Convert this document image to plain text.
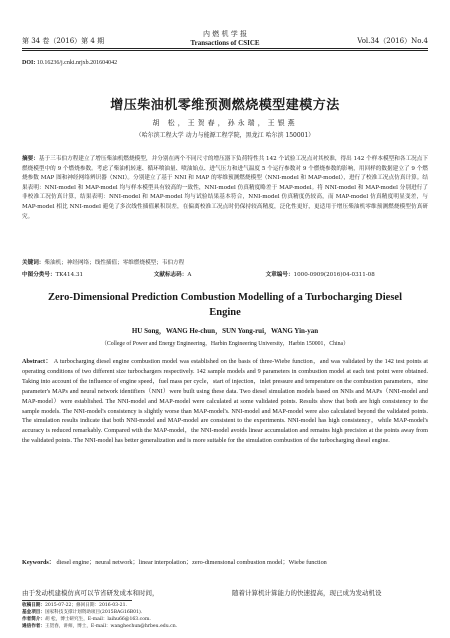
第 34 卷（2016）第 4 期
内 燃 机 学 报
Transactions of CSICE	Vol.34（2016）No.4
DOI: 10.16236/j.cnki.nrjxb.201604042
增压柴油机零维预测燃烧模型建模方法
胡 松，王贺春，孙永瑞，王银燕
（哈尔滨工程大学 动力与能源工程学院，黑龙江 哈尔滨 150001）
摘要：基于三韦伯方程建立了增压柴油机燃烧模型，并分别在两个不同尺寸的增压器下负荷特性共 142 个试验工况点对其校准，得出 142 个样本模型和各工况点下燃烧模型中的 9 个燃烧参数。考虑了柴油机转速、循环喷油量、喷油始点、进气压力和进气温度 5 个运行参数对 9 个燃烧参数的影响，用回样的数据建立了 9 个燃烧参数 MAP 图和神经网络辨识器（NNI）。分别建立了基于 NNI 和 MAP 的零维预测燃烧模型（NNI-model 和 MAP-model），进行了校准工况点仿真计算。结果表明：NNI-model 和 MAP-model 均与样本模型具有较高的一致性，NNI-model 仿真精度略差于 MAP-model。将 NNI-model 和 MAP-model 分别进行了非校准工况仿真计算，结果表明：NNI-model 和 MAP-model 均与试验结果基本符合，NNI-model 仿真精度仍较高，而 MAP-model 仿真精度明显变差，与 MAP-model 相比 NNI-model 避免了多次线性插值累积误差，在偏离校准工况点时仍保持较高精度，泛化性更好，更适用于增压柴油机零维预测燃烧模型仿真研究。
关键词：柴油机；神经网络；线性插值；零维燃烧模型；韦伯方程
中图分类号：TK414.31	文献标志码：A	文章编号：1000-0909(2016)04-0311-08
Zero-Dimensional Prediction Combustion Modelling of a Turbocharging Diesel Engine
HU Song，WANG He-chun，SUN Yong-rui，WANG Yin-yan
（College of Power and Energy Engineering，Harbin Engineering University，Harbin 150001，China）
Abstract： A turbocharging diesel engine combustion model was established on the basis of three-Wiebe function，and was validated by the 142 test points at operating conditions of two different size turbochargers respectively. 142 sample models and 9 parameters in combustion model at each test point were obtained. Taking into account of the influence of engine speed，fuel mass per cycle，start of injection，inlet pressure and temperature on the combustion parameters，nine parameter's MAPs and neural network identifiers（NNI）were built using these data. Two diesel simulation models based on NNIs and MAPs（NNI-model and MAP-model）were established. The NNI-model and MAP-model were calculated at some validated points. Results show that both are high consistency to the sample models. The NNI-model's consistency is slightly worse than MAP-model's. NNI-model and MAP-model were also calculated beyond the validated points. The simulation results indicate that both NNI-model and MAP-model are consistent to the experiments. NNI-model has high consistency，while MAP-model's accuracy is reduced remarkably. Compared with the MAP-model，the NNI-model avoids linear accumulation and remains high precision at the points away from the validated points. The NNI-model has better generalization and is more suitable for the simulation combustion of the turbocharging diesel engine.
Keywords： diesel engine；neural network；linear interpolation；zero-dimensional combustion model；Wiebe function
由于发动机建模仿真可以节省研发成本和时间，	随着计算机计算能力的快速提高，现已成为发动机设
收稿日期：2015-07-22；修回日期：2016-03-21.
基金项目：国家科技支撑计划资助项目(2015BAG16B01)．
作者简介：胡 松，博士研究生，E-mail：laihu66@163.com.
通信作者：王贺春，讲师，博士，E-mail：wanghechun@hrbeu.edu.cn.
